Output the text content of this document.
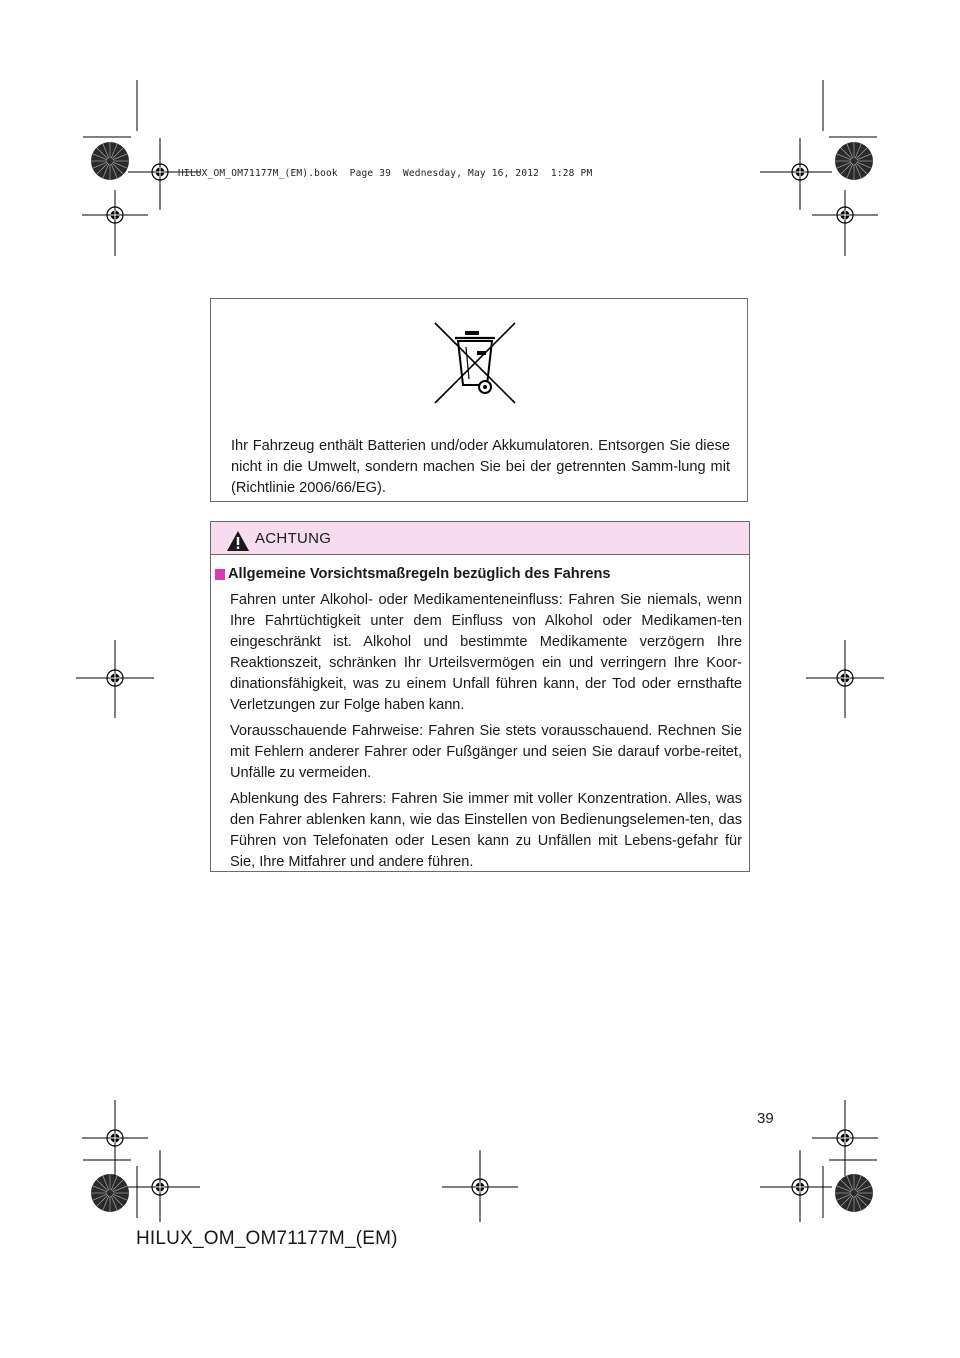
HILUX_OM_OM71177M_(EM).book  Page 39  Wednesday, May 16, 2012  1:28 PM
Ihr Fahrzeug enthält Batterien und/oder Akkumulatoren. Entsorgen Sie diese nicht in die Umwelt, sondern machen Sie bei der getrennten Samm-lung mit (Richtlinie 2006/66/EG).
ACHTUNG
Allgemeine Vorsichtsmaßregeln bezüglich des Fahrens

Fahren unter Alkohol- oder Medikamenteneinfluss: Fahren Sie niemals, wenn Ihre Fahrtüchtigkeit unter dem Einfluss von Alkohol oder Medikamen-ten eingeschränkt ist. Alkohol und bestimmte Medikamente verzögern Ihre Reaktionszeit, schränken Ihr Urteilsvermögen ein und verringern Ihre Koor-dinationsfähigkeit, was zu einem Unfall führen kann, der Tod oder ernsthafte Verletzungen zur Folge haben kann.

Vorausschauende Fahrweise: Fahren Sie stets vorausschauend. Rechnen Sie mit Fehlern anderer Fahrer oder Fußgänger und seien Sie darauf vorbe-reitet, Unfälle zu vermeiden.

Ablenkung des Fahrers: Fahren Sie immer mit voller Konzentration. Alles, was den Fahrer ablenken kann, wie das Einstellen von Bedienungselemen-ten, das Führen von Telefonaten oder Lesen kann zu Unfällen mit Lebens-gefahr für Sie, Ihre Mitfahrer und andere führen.

39
HILUX_OM_OM71177M_(EM)
